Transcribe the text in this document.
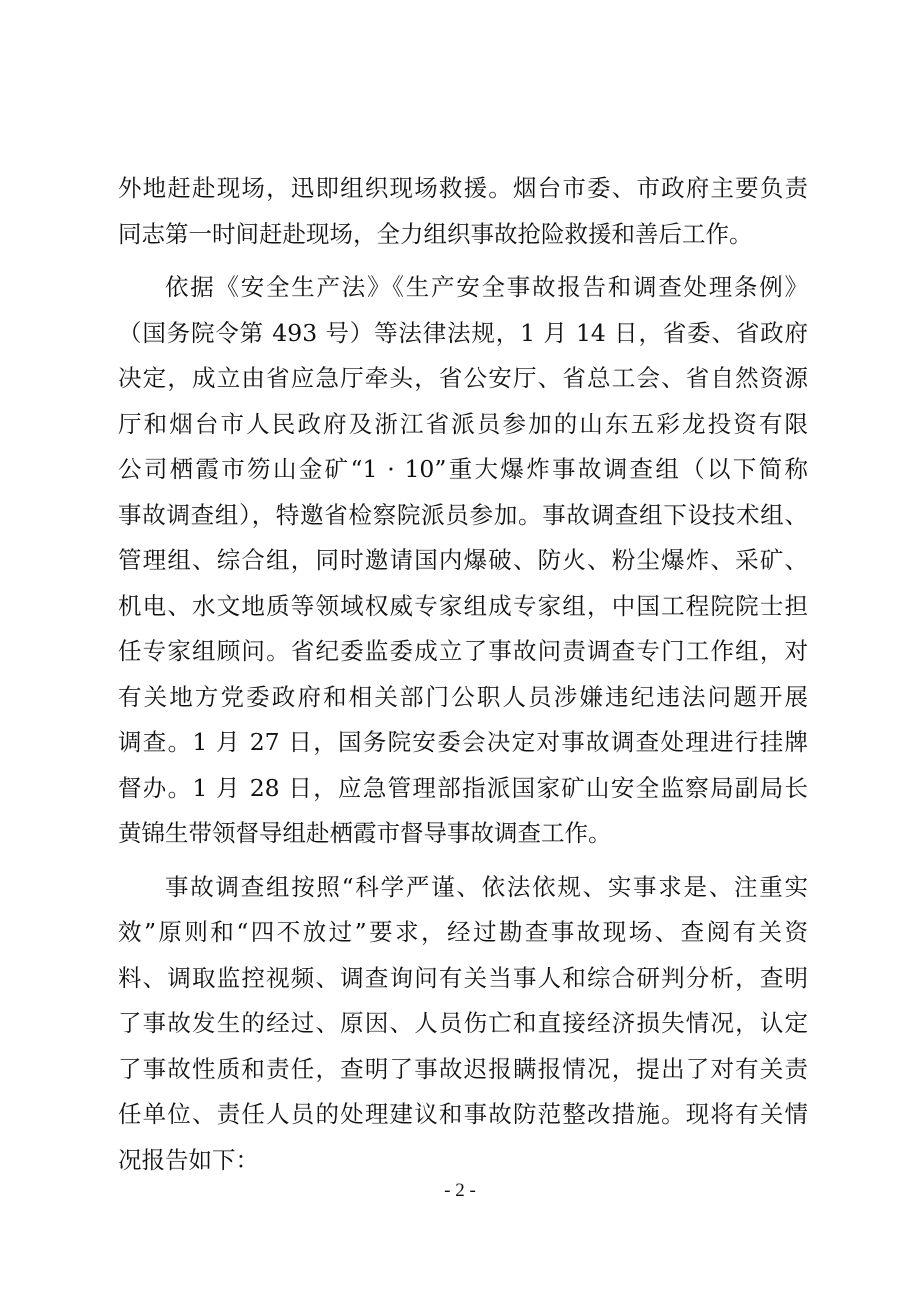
外地赶赴现场，迅即组织现场救援。烟台市委、市政府主要负责
同志第一时间赶赴现场，全力组织事故抢险救援和善后工作。
依据《安全生产法》《生产安全事故报告和调查处理条例》
（国务院令第 493 号）等法律法规，1 月 14 日，省委、省政府
决定，成立由省应急厅牵头，省公安厅、省总工会、省自然资源
厅和烟台市人民政府及浙江省派员参加的山东五彩龙投资有限
公司栖霞市笏山金矿“1 · 10”重大爆炸事故调查组（以下简称
事故调查组），特邀省检察院派员参加。事故调查组下设技术组、
管理组、综合组，同时邀请国内爆破、防火、粉尘爆炸、采矿、
机电、水文地质等领域权威专家组成专家组，中国工程院院士担
任专家组顾问。省纪委监委成立了事故问责调查专门工作组，对
有关地方党委政府和相关部门公职人员涉嫌违纪违法问题开展
调查。1 月 27 日，国务院安委会决定对事故调查处理进行挂牌
督办。1 月 28 日，应急管理部指派国家矿山安全监察局副局长
黄锦生带领督导组赴栖霞市督导事故调查工作。
事故调查组按照“科学严谨、依法依规、实事求是、注重实
效”原则和“四不放过”要求，经过勘查事故现场、查阅有关资
料、调取监控视频、调查询问有关当事人和综合研判分析，查明
了事故发生的经过、原因、人员伤亡和直接经济损失情况，认定
了事故性质和责任，查明了事故迟报瞒报情况，提出了对有关责
任单位、责任人员的处理建议和事故防范整改措施。现将有关情
况报告如下：
- 2 -
